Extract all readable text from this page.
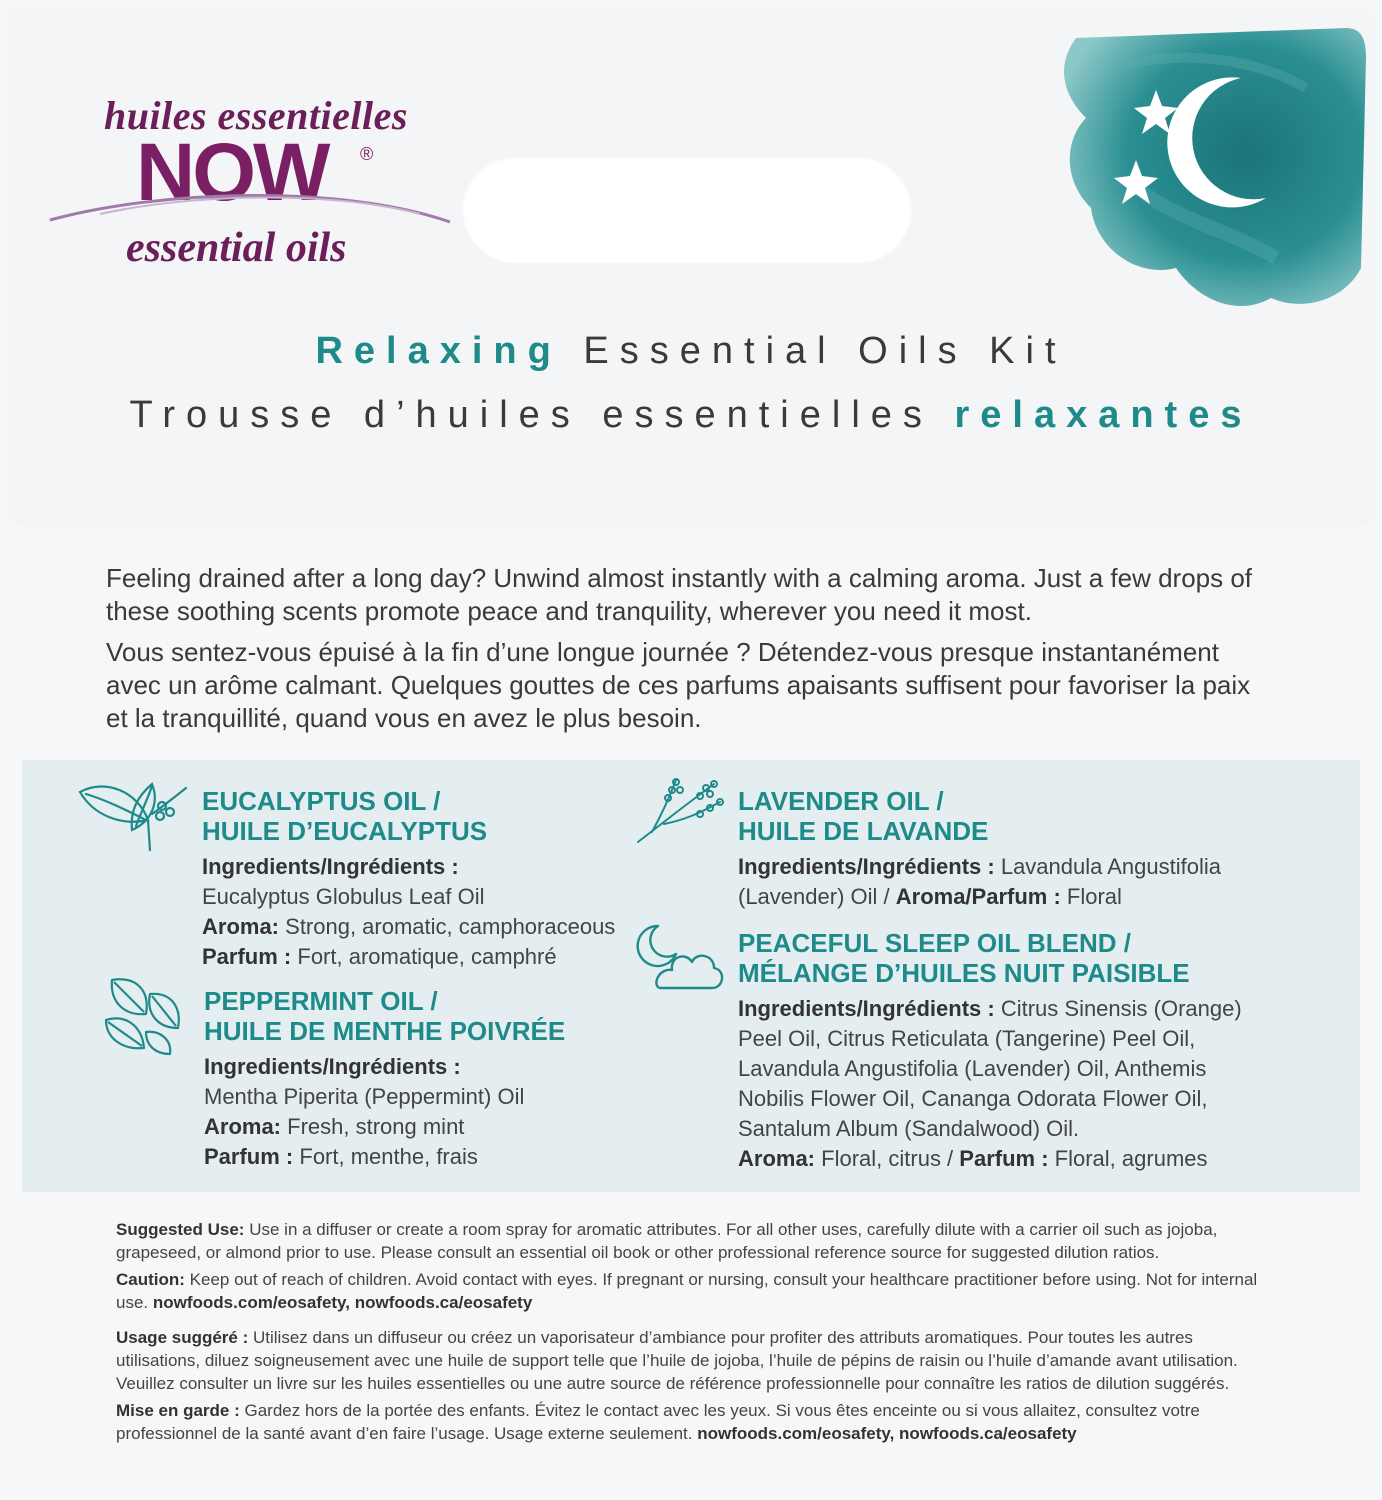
huiles essentielles
NOW ®
essential oils
Relaxing Essential Oils Kit
Trousse d’huiles essentielles relaxantes

Feeling drained after a long day? Unwind almost instantly with a calming aroma. Just a few drops of these soothing scents promote peace and tranquility, wherever you need it most.

Vous sentez-vous épuisé à la fin d’une longue journée ? Détendez-vous presque instantanément avec un arôme calmant. Quelques gouttes de ces parfums apaisants suffisent pour favoriser la paix et la tranquillité, quand vous en avez le plus besoin.

EUCALYPTUS OIL /
HUILE D’EUCALYPTUS
Ingredients/Ingrédients :
Eucalyptus Globulus Leaf Oil
Aroma: Strong, aromatic, camphoraceous
Parfum : Fort, aromatique, camphré
PEPPERMINT OIL /
HUILE DE MENTHE POIVRÉE
Ingredients/Ingrédients :
Mentha Piperita (Peppermint) Oil
Aroma: Fresh, strong mint
Parfum : Fort, menthe, frais
LAVENDER OIL /
HUILE DE LAVANDE
Ingredients/Ingrédients : Lavandula Angustifolia (Lavender) Oil / Aroma/Parfum : Floral
PEACEFUL SLEEP OIL BLEND /
MÉLANGE D’HUILES NUIT PAISIBLE
Ingredients/Ingrédients : Citrus Sinensis (Orange) Peel Oil, Citrus Reticulata (Tangerine) Peel Oil, Lavandula Angustifolia (Lavender) Oil, Anthemis Nobilis Flower Oil, Cananga Odorata Flower Oil, Santalum Album (Sandalwood) Oil.
Aroma: Floral, citrus / Parfum : Floral, agrumes

Suggested Use: Use in a diffuser or create a room spray for aromatic attributes. For all other uses, carefully dilute with a carrier oil such as jojoba, grapeseed, or almond prior to use. Please consult an essential oil book or other professional reference source for suggested dilution ratios.

Caution: Keep out of reach of children. Avoid contact with eyes. If pregnant or nursing, consult your healthcare practitioner before using. Not for internal use. nowfoods.com/eosafety, nowfoods.ca/eosafety

Usage suggéré : Utilisez dans un diffuseur ou créez un vaporisateur d’ambiance pour profiter des attributs aromatiques. Pour toutes les autres utilisations, diluez soigneusement avec une huile de support telle que l’huile de jojoba, l’huile de pépins de raisin ou l’huile d’amande avant utilisation. Veuillez consulter un livre sur les huiles essentielles ou une autre source de référence professionnelle pour connaître les ratios de dilution suggérés.

Mise en garde : Gardez hors de la portée des enfants. Évitez le contact avec les yeux. Si vous êtes enceinte ou si vous allaitez, consultez votre professionnel de la santé avant d’en faire l’usage. Usage externe seulement. nowfoods.com/eosafety, nowfoods.ca/eosafety
